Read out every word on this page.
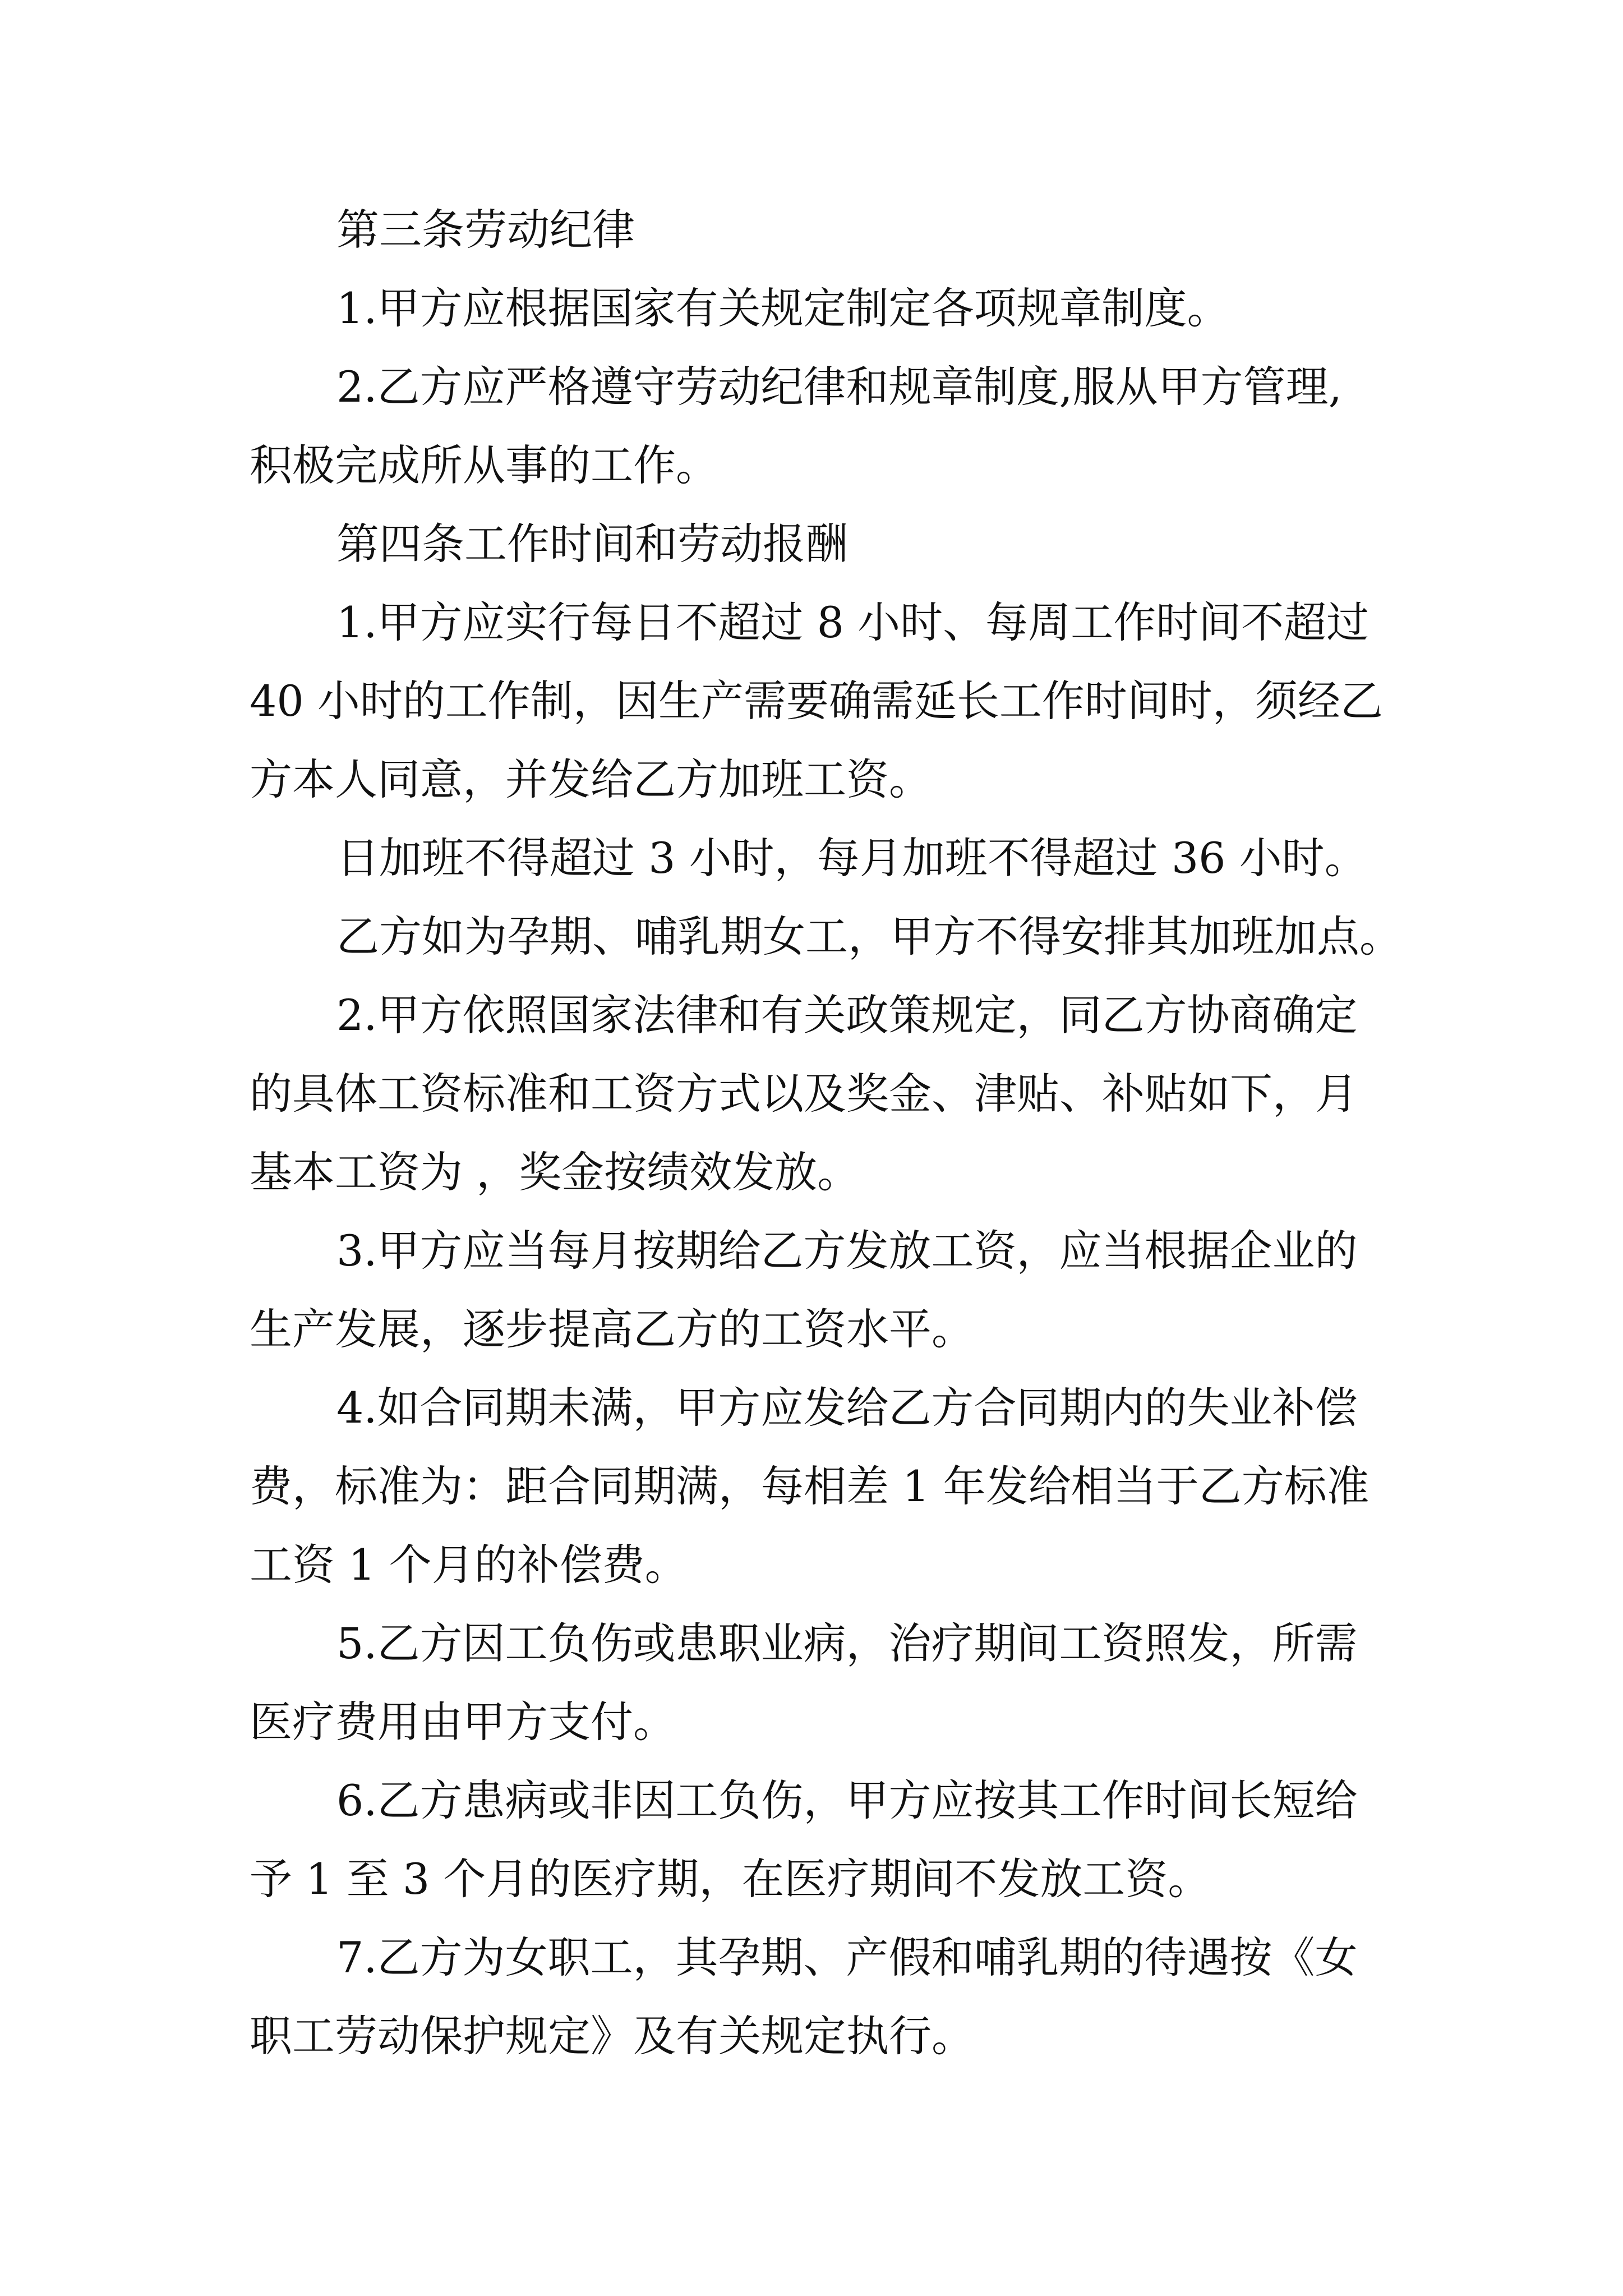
第三条劳动纪律
1.甲方应根据国家有关规定制定各项规章制度。
2.乙方应严格遵守劳动纪律和规章制度,服从甲方管理,
积极完成所从事的工作。
第四条工作时间和劳动报酬
1.甲方应实行每日不超过 8 小时、每周工作时间不超过
40 小时的工作制，因生产需要确需延长工作时间时，须经乙
方本人同意，并发给乙方加班工资。
日加班不得超过 3 小时，每月加班不得超过 36 小时。
乙方如为孕期、哺乳期女工，甲方不得安排其加班加点。
2.甲方依照国家法律和有关政策规定，同乙方协商确定
的具体工资标准和工资方式以及奖金、津贴、补贴如下，月
基本工资为 ，奖金按绩效发放。
3.甲方应当每月按期给乙方发放工资，应当根据企业的
生产发展，逐步提高乙方的工资水平。
4.如合同期未满，甲方应发给乙方合同期内的失业补偿
费，标准为：距合同期满，每相差 1 年发给相当于乙方标准
工资 1 个月的补偿费。
5.乙方因工负伤或患职业病，治疗期间工资照发，所需
医疗费用由甲方支付。
6.乙方患病或非因工负伤，甲方应按其工作时间长短给
予 1 至 3 个月的医疗期，在医疗期间不发放工资。
7.乙方为女职工，其孕期、产假和哺乳期的待遇按《女
职工劳动保护规定》及有关规定执行。
